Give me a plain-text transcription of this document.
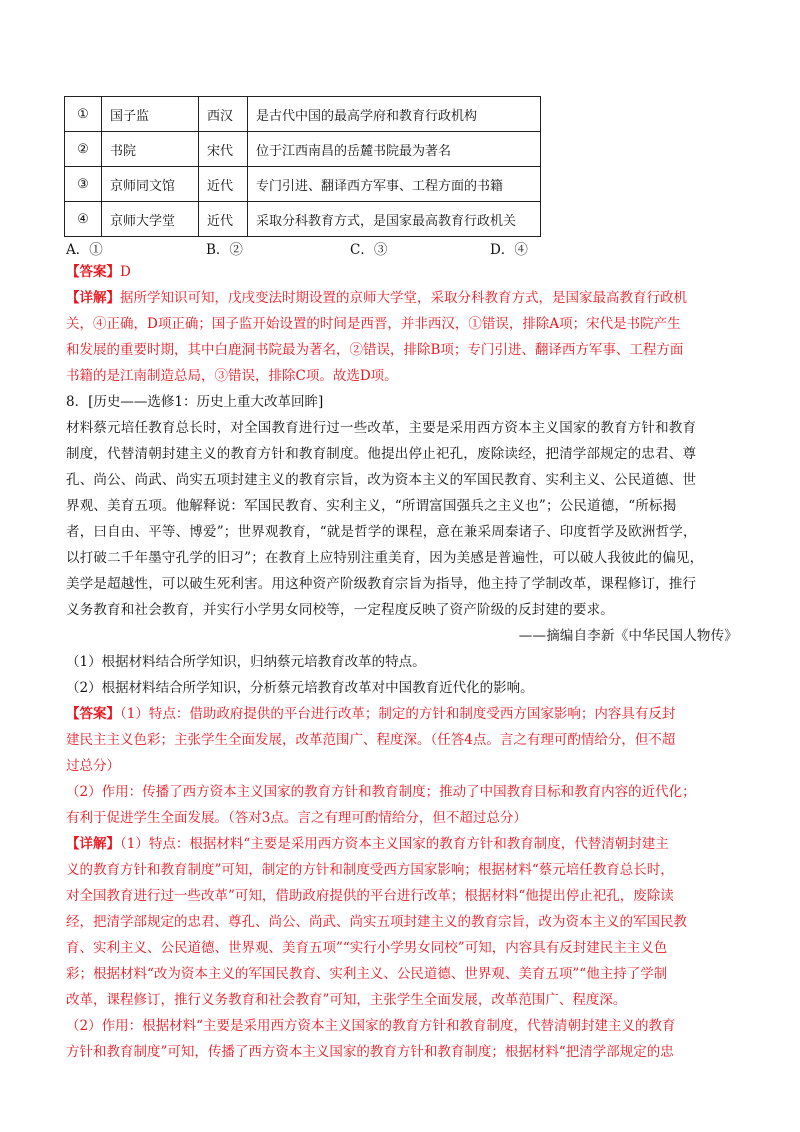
①	国子监	西汉	是古代中国的最高学府和教育行政机构
②	书院	宋代	位于江西南昌的岳麓书院最为著名
③	京师同文馆	近代	专门引进、翻译西方军事、工程方面的书籍
④	京师大学堂	近代	采取分科教育方式，是国家最高教育行政机关
A．①	B．②	C．③	D．④
【答案】D
【详解】据所学知识可知，戊戌变法时期设置的京师大学堂，采取分科教育方式，是国家最高教育行政机
关，④正确，D项正确；国子监开始设置的时间是西晋，并非西汉，①错误，排除A项；宋代是书院产生
和发展的重要时期，其中白鹿洞书院最为著名，②错误，排除B项；专门引进、翻译西方军事、工程方面
书籍的是江南制造总局，③错误，排除C项。故选D项。
8．[历史——选修1：历史上重大改革回眸]
材料蔡元培任教育总长时，对全国教育进行过一些改革，主要是采用西方资本主义国家的教育方针和教育
制度，代替清朝封建主义的教育方针和教育制度。他提出停止祀孔，废除读经，把清学部规定的忠君、尊
孔、尚公、尚武、尚实五项封建主义的教育宗旨，改为资本主义的军国民教育、实利主义、公民道德、世
界观、美育五项。他解释说：军国民教育、实利主义，“所谓富国强兵之主义也”；公民道德，“所标揭
者，曰自由、平等、博爱”；世界观教育，“就是哲学的课程，意在兼采周秦诸子、印度哲学及欧洲哲学，
以打破二千年墨守孔学的旧习”；在教育上应特别注重美育，因为美感是普遍性，可以破人我彼此的偏见，
美学是超越性，可以破生死利害。用这种资产阶级教育宗旨为指导，他主持了学制改革，课程修订，推行
义务教育和社会教育，并实行小学男女同校等，一定程度反映了资产阶级的反封建的要求。
——摘编自李新《中华民国人物传》
（1）根据材料结合所学知识，归纳蔡元培教育改革的特点。
（2）根据材料结合所学知识，分析蔡元培教育改革对中国教育近代化的影响。
【答案】（1）特点：借助政府提供的平台进行改革；制定的方针和制度受西方国家影响；内容具有反封
建民主主义色彩；主张学生全面发展，改革范围广、程度深。（任答4点。言之有理可酌情给分，但不超
过总分）
（2）作用：传播了西方资本主义国家的教育方针和教育制度；推动了中国教育目标和教育内容的近代化；
有利于促进学生全面发展。（答对3点。言之有理可酌情给分，但不超过总分）
【详解】（1）特点：根据材料“主要是采用西方资本主义国家的教育方针和教育制度，代替清朝封建主
义的教育方针和教育制度”可知，制定的方针和制度受西方国家影响；根据材料“蔡元培任教育总长时，
对全国教育进行过一些改革”可知，借助政府提供的平台进行改革；根据材料“他提出停止祀孔，废除读
经，把清学部规定的忠君、尊孔、尚公、尚武、尚实五项封建主义的教育宗旨，改为资本主义的军国民教
育、实利主义、公民道德、世界观、美育五项”“实行小学男女同校”可知，内容具有反封建民主主义色
彩；根据材料“改为资本主义的军国民教育、实利主义、公民道德、世界观、美育五项”“他主持了学制
改革，课程修订，推行义务教育和社会教育”可知，主张学生全面发展，改革范围广、程度深。
（2）作用：根据材料“主要是采用西方资本主义国家的教育方针和教育制度，代替清朝封建主义的教育
方针和教育制度”可知，传播了西方资本主义国家的教育方针和教育制度；根据材料“把清学部规定的忠
